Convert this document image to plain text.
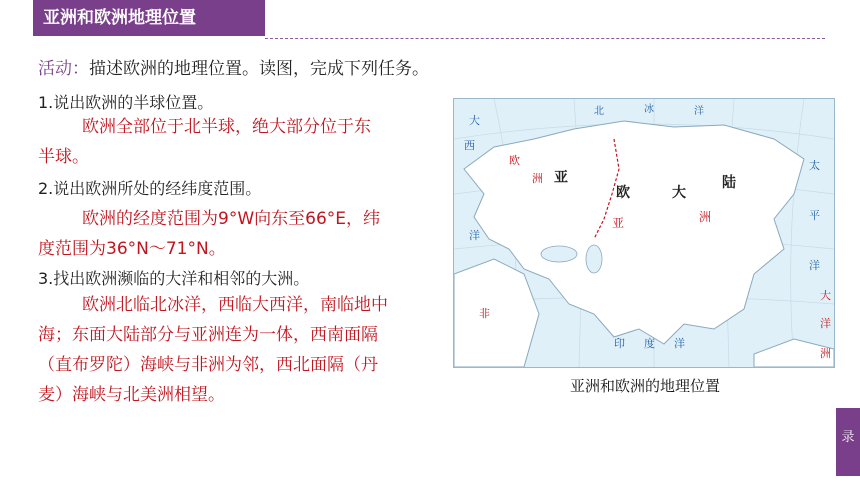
亚洲和欧洲地理位置
活动：描述欧洲的地理位置。读图，完成下列任务。
1.说出欧洲的半球位置。
欧洲全部位于北半球，绝大部分位于东
半球。
2.说出欧洲所处的经纬度范围。
欧洲的经度范围为9°W向东至66°E，纬
度范围为36°N～71°N。
3.找出欧洲濒临的大洋和相邻的大洲。
欧洲北临北冰洋，西临大西洋，南临地中
海；东面大陆部分与亚洲连为一体，西南面隔
（直布罗陀）海峡与非洲为邻，西北面隔（丹
麦）海峡与北美洲相望。
亚
欧	大
陆
亚	洲
欧
洲
非
大
西
洋
太
平
洋
印 度 洋
北	冰	洋
大
洋
洲
亚洲和欧洲的地理位置
录
